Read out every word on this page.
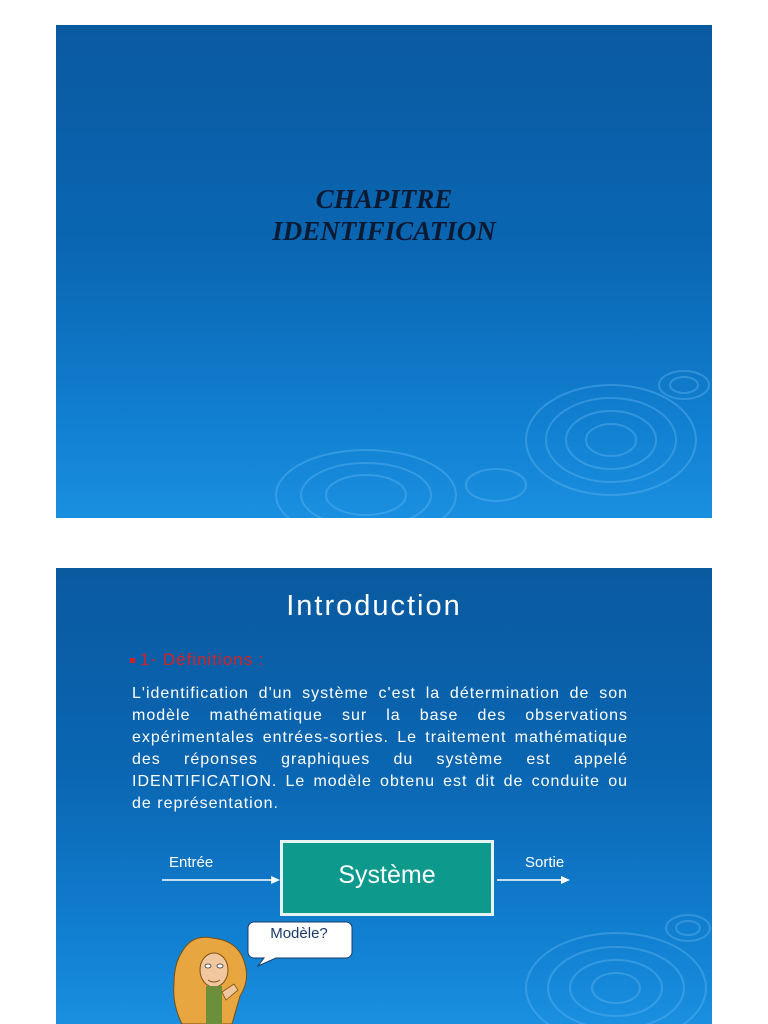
CHAPITRE
IDENTIFICATION
Introduction
1- Définitions :
L'identification d'un système c'est la détermination de son modèle mathématique sur la base des observations expérimentales entrées-sorties. Le traitement mathématique des réponses graphiques du système est appelé IDENTIFICATION. Le modèle obtenu est dit de conduite ou de représentation.
Entrée	Sortie
Système
Modèle?
